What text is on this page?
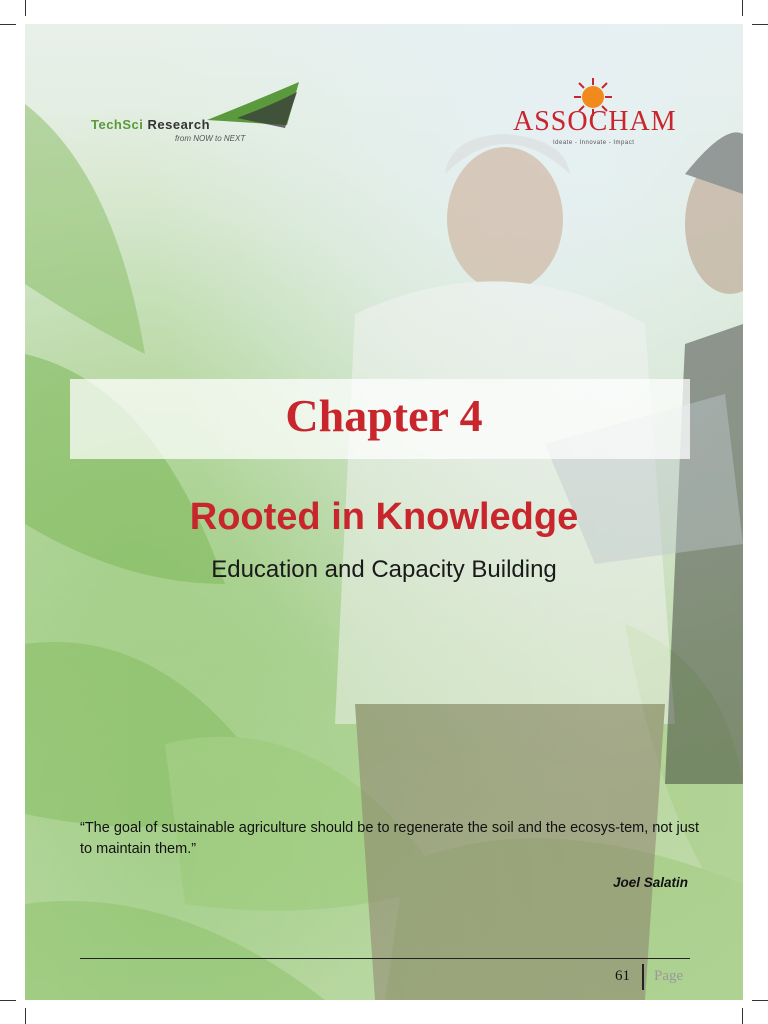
TechSci Research
from NOW to NEXT
ASSOCHAM
Ideate - Innovate - Impact
Chapter 4
Rooted in Knowledge
Education and Capacity Building
“The goal of sustainable agriculture should be to regenerate the soil and the ecosys-tem, not just to maintain them.”
Joel Salatin
61 Page
